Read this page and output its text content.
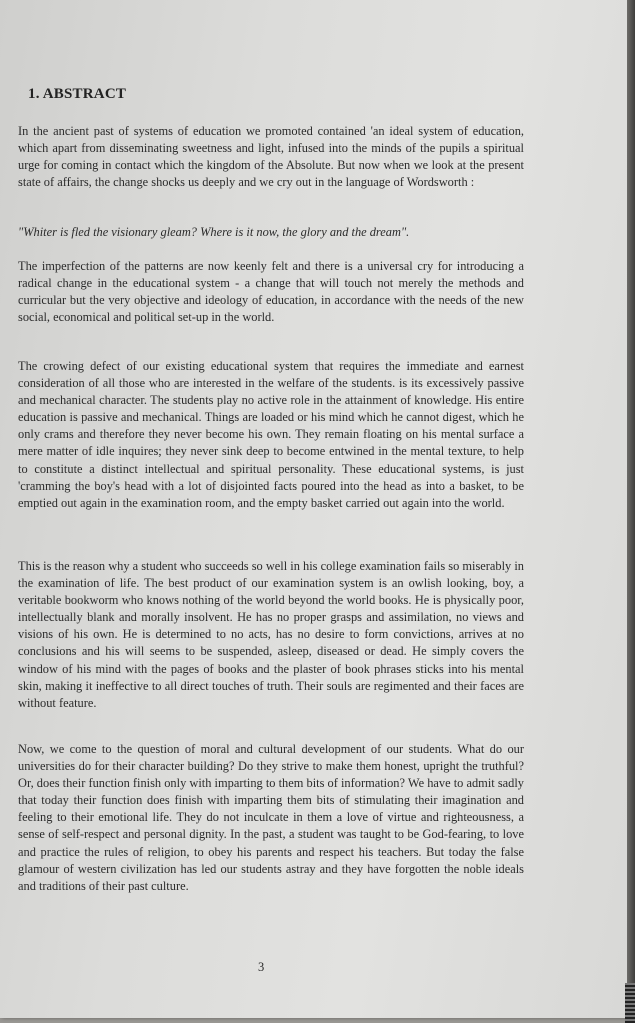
1. ABSTRACT

In the ancient past of systems of education we promoted contained 'an ideal system of education, which apart from disseminating sweetness and light, infused into the minds of the pupils a spiritual urge for coming in contact which the kingdom of the Absolute. But now when we look at the present state of affairs, the change shocks us deeply and we cry out in the language of Wordsworth :

"Whiter is fled the visionary gleam? Where is it now, the glory and the dream".

The imperfection of the patterns are now keenly felt and there is a universal cry for introducing a radical change in the educational system - a change that will touch not merely the methods and curricular but the very objective and ideology of education, in accordance with the needs of the new social, economical and political set-up in the world.

The crowing defect of our existing educational system that requires the immediate and earnest consideration of all those who are interested in the welfare of the students. is its excessively passive and mechanical character. The students play no active role in the attainment of knowledge. His entire education is passive and mechanical. Things are loaded or his mind which he cannot digest, which he only crams and therefore they never become his own. They remain floating on his mental surface a mere matter of idle inquires; they never sink deep to become entwined in the mental texture, to help to constitute a distinct intellectual and spiritual personality. These educational systems, is just 'cramming the boy's head with a lot of disjointed facts poured into the head as into a basket, to be emptied out again in the examination room, and the empty basket carried out again into the world.

This is the reason why a student who succeeds so well in his college examination fails so miserably in the examination of life. The best product of our examination system is an owlish looking, boy, a veritable bookworm who knows nothing of the world beyond the world books. He is physically poor, intellectually blank and morally insolvent. He has no proper grasps and assimilation, no views and visions of his own. He is determined to no acts, has no desire to form convictions, arrives at no conclusions and his will seems to be suspended, asleep, diseased or dead. He simply covers the window of his mind with the pages of books and the plaster of book phrases sticks into his mental skin, making it ineffective to all direct touches of truth. Their souls are regimented and their faces are without feature.

Now, we come to the question of moral and cultural development of our students. What do our universities do for their character building? Do they strive to make them honest, upright the truthful? Or, does their function finish only with imparting to them bits of information? We have to admit sadly that today their function does finish with imparting them bits of stimulating their imagination and feeling to their emotional life. They do not inculcate in them a love of virtue and righteousness, a sense of self-respect and personal dignity. In the past, a student was taught to be God-fearing, to love and practice the rules of religion, to obey his parents and respect his teachers. But today the false glamour of western civilization has led our students astray and they have forgotten the noble ideals and traditions of their past culture.

3
